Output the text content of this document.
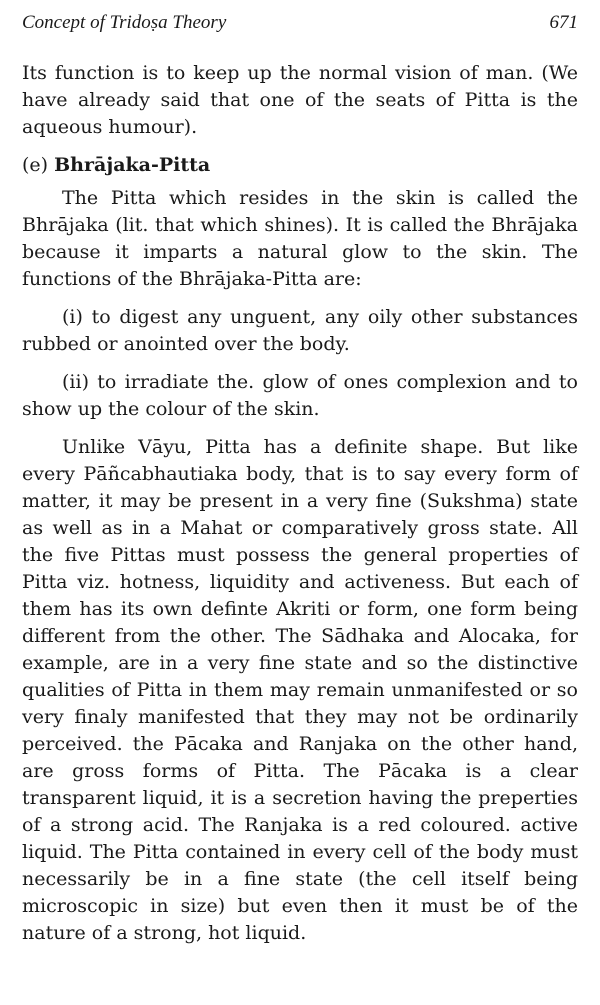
Concept of Tridoṣa Theory	671

Its function is to keep up the normal vision of man. (We have already said that one of the seats of Pitta is the aqueous humour).

(e) Bhrājaka-Pitta

The Pitta which resides in the skin is called the Bhrājaka (lit. that which shines). It is called the Bhrājaka because it imparts a natural glow to the skin. The functions of the Bhrājaka-Pitta are:

(i) to digest any unguent, any oily other substances rubbed or anointed over the body.

(ii) to irradiate the. glow of ones complexion and to show up the colour of the skin.

Unlike Vāyu, Pitta has a definite shape. But like every Pāñcabhautiaka body, that is to say every form of matter, it may be present in a very fine (Sukshma) state as well as in a Mahat or comparatively gross state. All the five Pittas must possess the general properties of Pitta viz. hotness, liquidity and activeness. But each of them has its own definte Akriti or form, one form being different from the other. The Sādhaka and Alocaka, for example, are in a very fine state and so the distinctive qualities of Pitta in them may remain unmanifested or so very finaly manifested that they may not be ordinarily perceived. the Pācaka and Ranjaka on the other hand, are gross forms of Pitta. The Pācaka is a clear transparent liquid, it is a secretion having the preperties of a strong acid. The Ranjaka is a red coloured. active liquid. The Pitta contained in every cell of the body must necessarily be in a fine state (the cell itself being microscopic in size) but even then it must be of the nature of a strong, hot liquid.
